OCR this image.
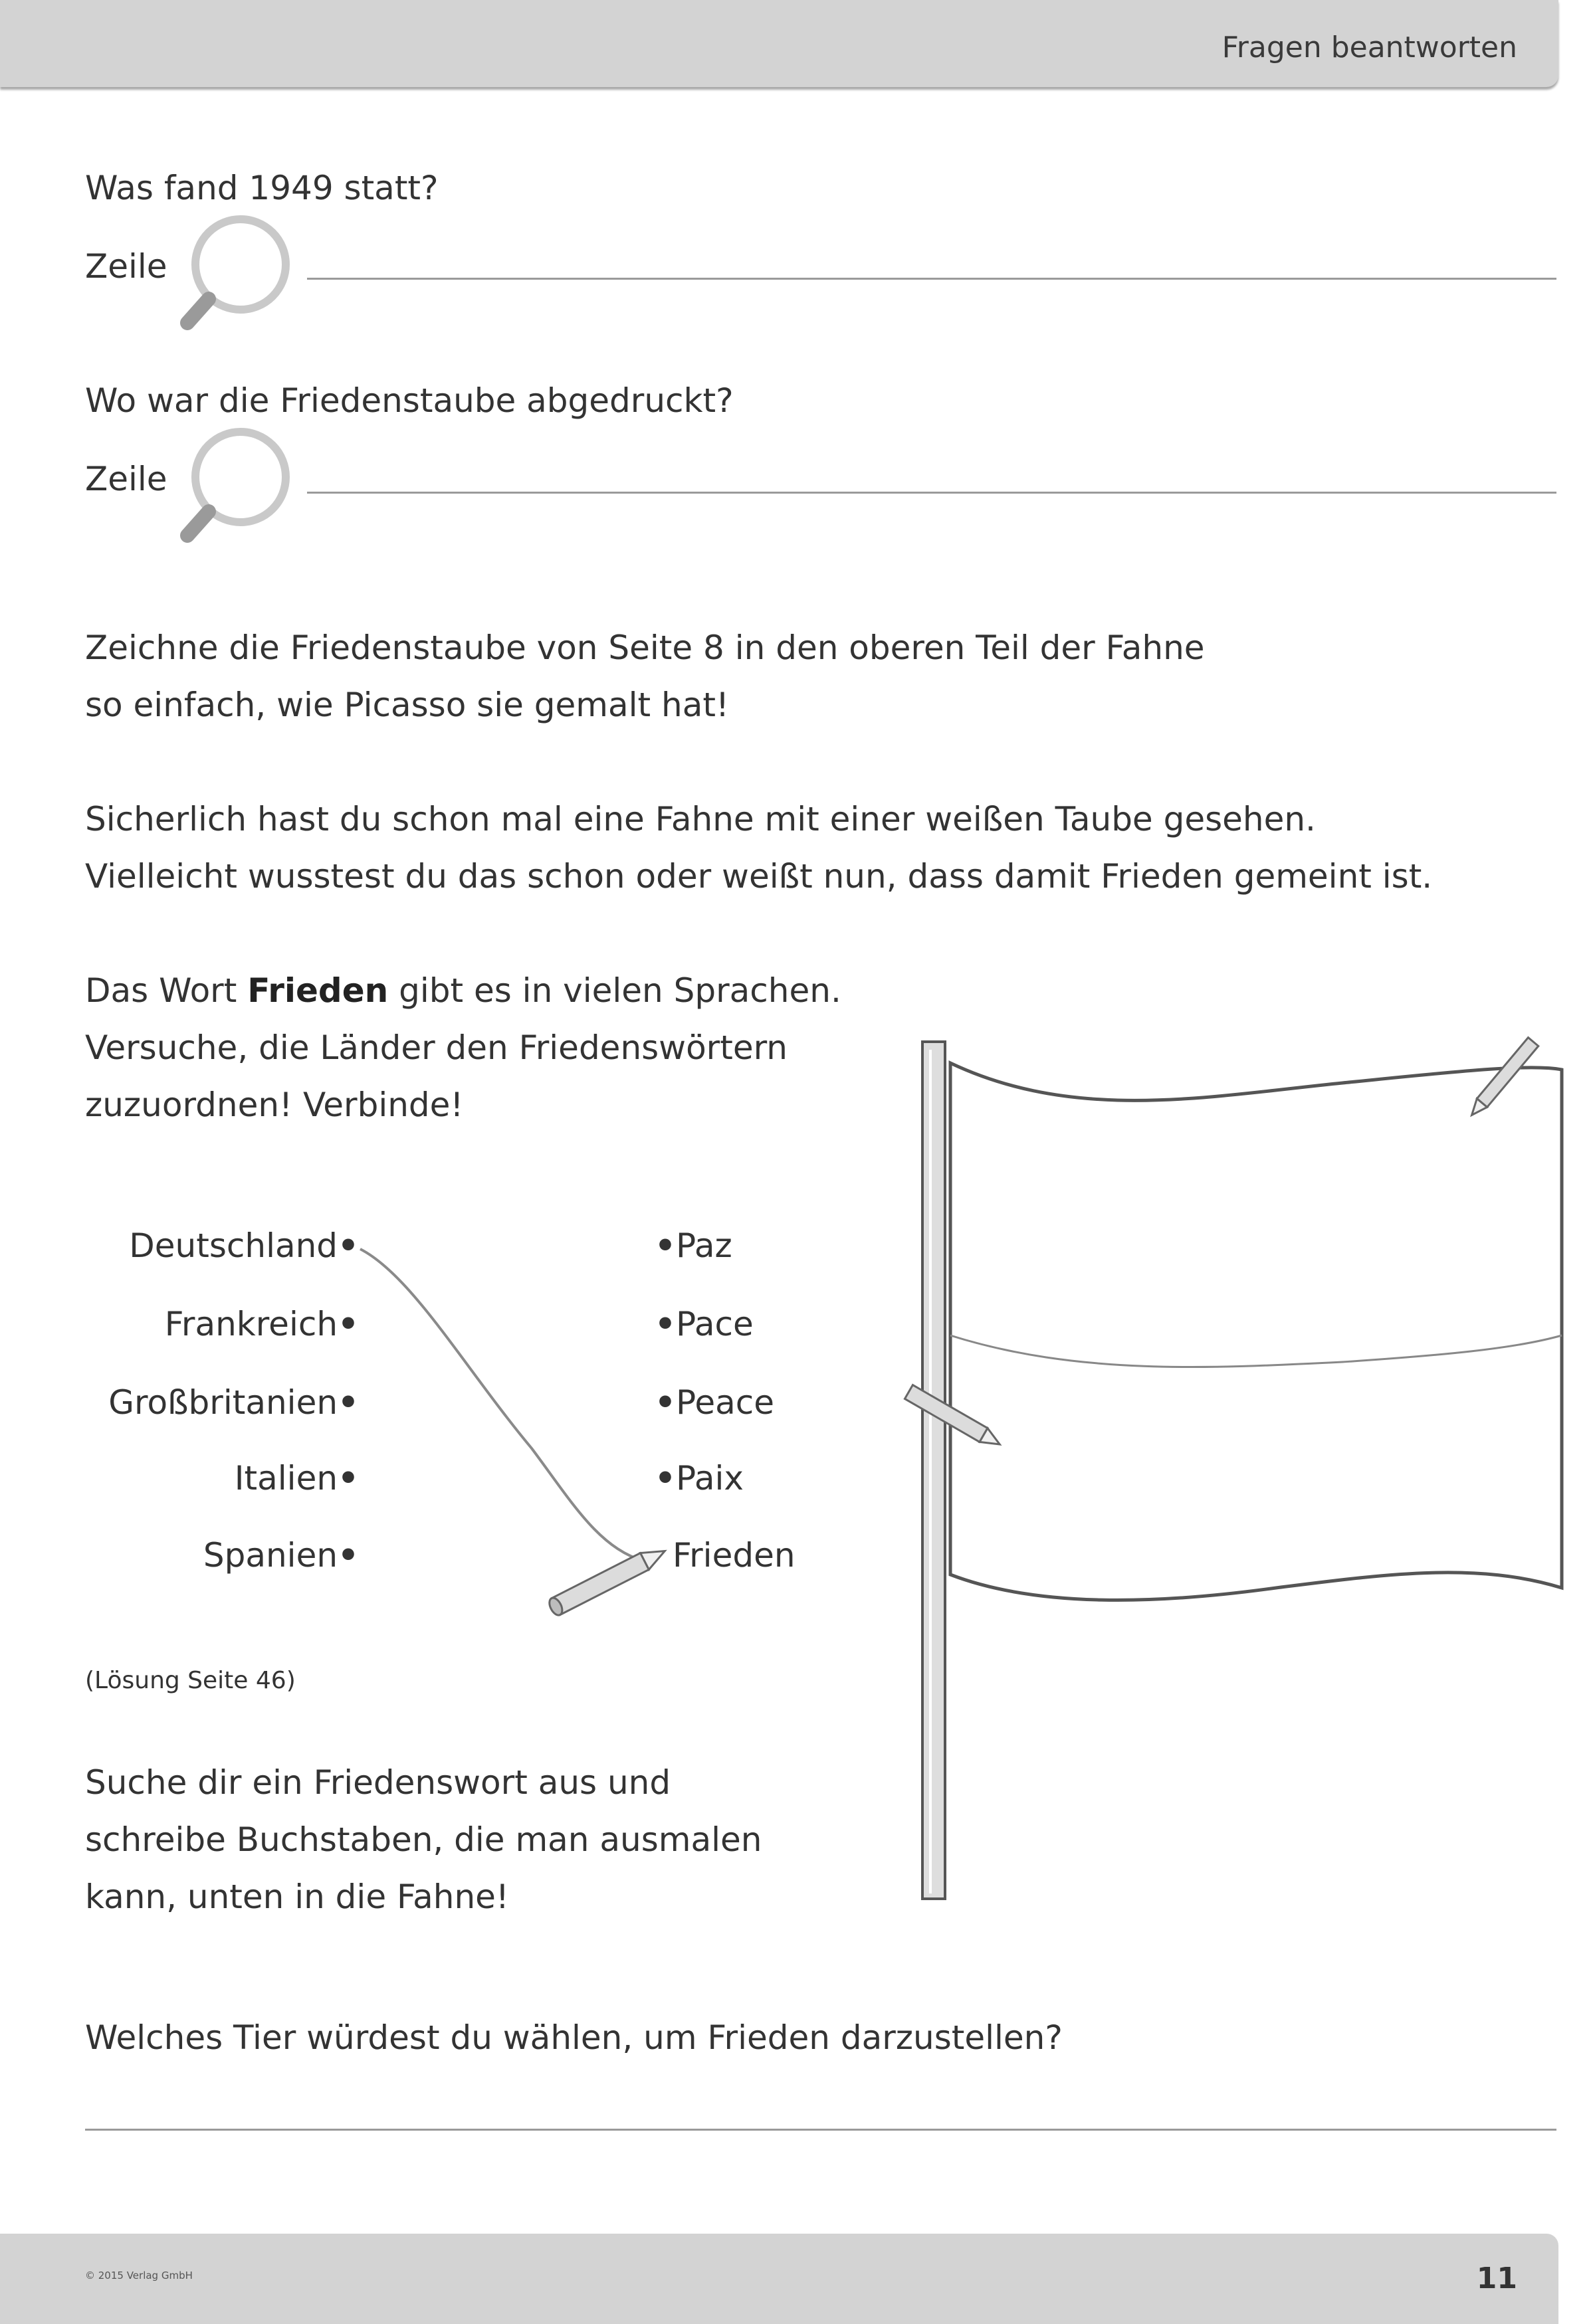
Fragen beantworten
Was fand 1949 statt?
Zeile
Wo war die Friedenstaube abgedruckt?
Zeile
Zeichne die Friedenstaube von Seite 8 in den oberen Teil der Fahne
so einfach, wie Picasso sie gemalt hat!
Sicherlich hast du schon mal eine Fahne mit einer weißen Taube gesehen.
Vielleicht wusstest du das schon oder weißt nun, dass damit Frieden gemeint ist.
Das Wort Frieden gibt es in vielen Sprachen.
Versuche, die Länder den Friedenswörtern
zuzuordnen! Verbinde!
Deutschland•
Frankreich•
Großbritanien•
Italien•
Spanien•
•Paz
•Pace
•Peace
•Paix
Frieden
(Lösung Seite 46)
Suche dir ein Friedenswort aus und
schreibe Buchstaben, die man ausmalen
kann, unten in die Fahne!
Welches Tier würdest du wählen, um Frieden darzustellen?
© 2015 Verlag GmbH	11
